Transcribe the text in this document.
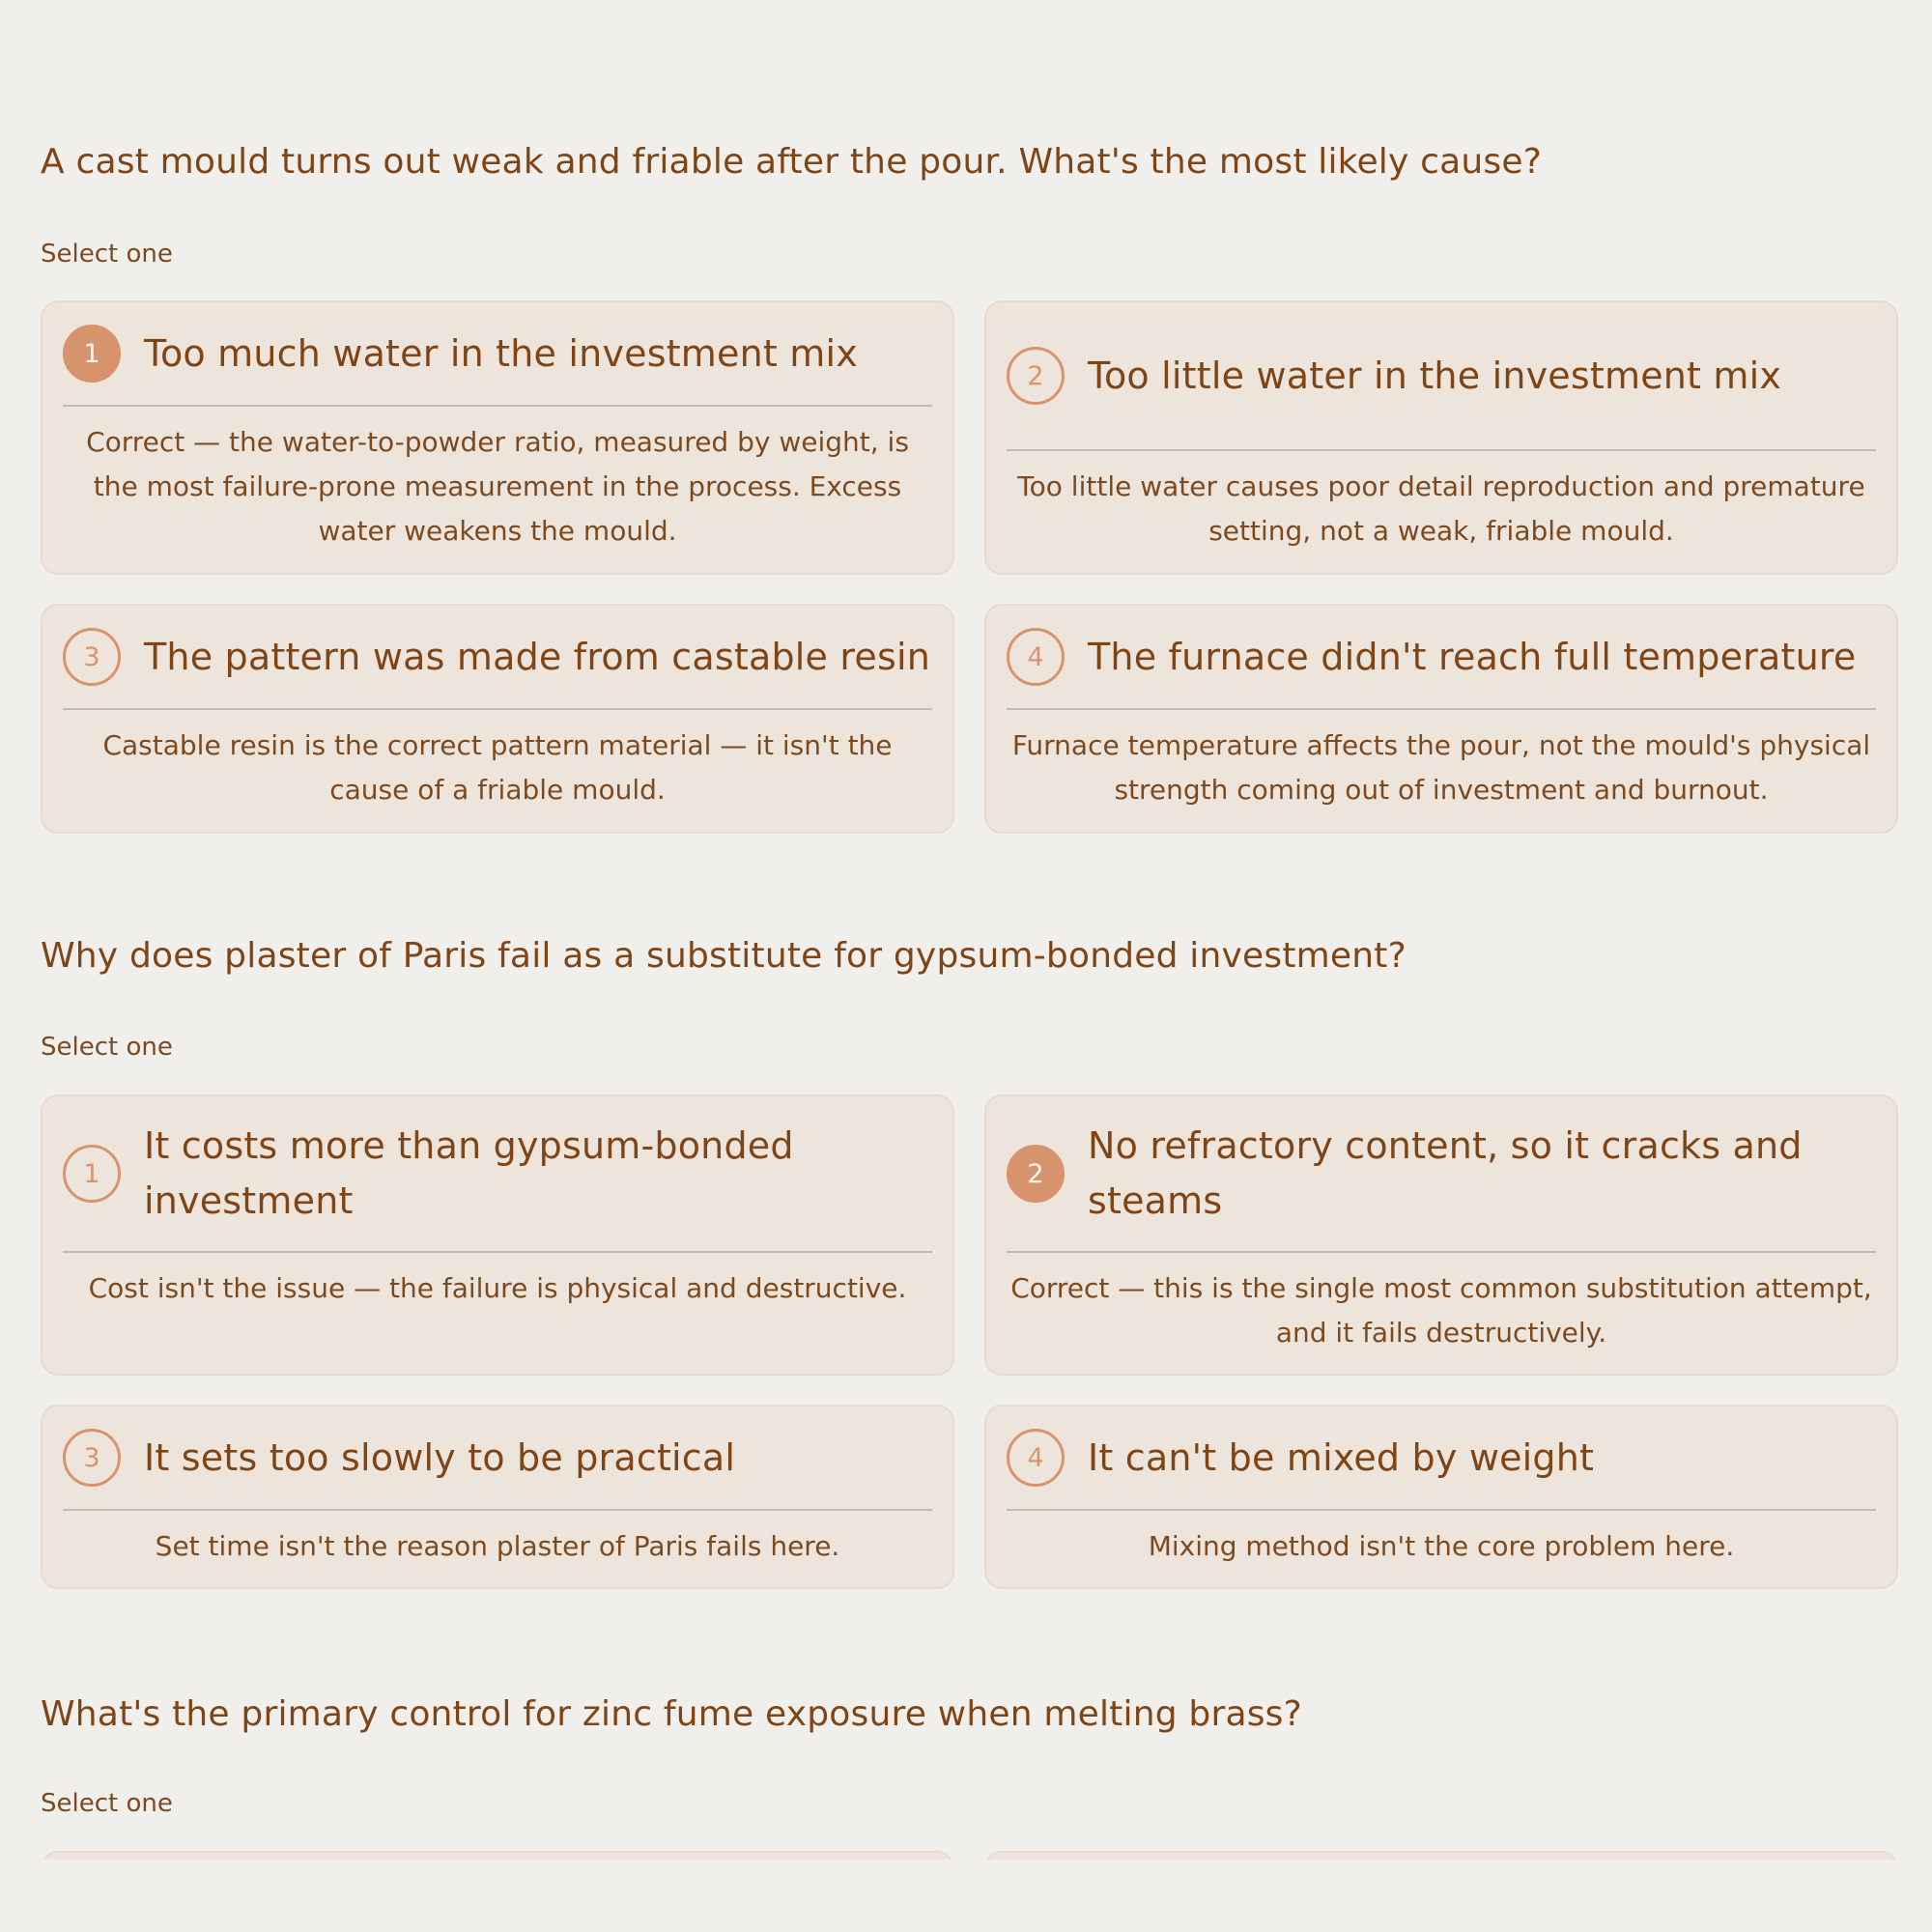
A cast mould turns out weak and friable after the pour. What's the most likely cause?
Select one
1	Too much water in the investment mix

Correct — the water-to-powder ratio, measured by weight, is the most failure-prone measurement in the process. Excess water weakens the mould.

2	Too little water in the investment mix

Too little water causes poor detail reproduction and premature setting, not a weak, friable mould.

3	The pattern was made from castable resin

Castable resin is the correct pattern material — it isn't the cause of a friable mould.

4	The furnace didn't reach full temperature

Furnace temperature affects the pour, not the mould's physical strength coming out of investment and burnout.

Why does plaster of Paris fail as a substitute for gypsum-bonded investment?
Select one
1
It costs more than gypsum-bonded investment

Cost isn't the issue — the failure is physical and destructive.

2
No refractory content, so it cracks and steams

Correct — this is the single most common substitution attempt, and it fails destructively.

3	It sets too slowly to be practical

Set time isn't the reason plaster of Paris fails here.

4	It can't be mixed by weight

Mixing method isn't the core problem here.

What's the primary control for zinc fume exposure when melting brass?
Select one
